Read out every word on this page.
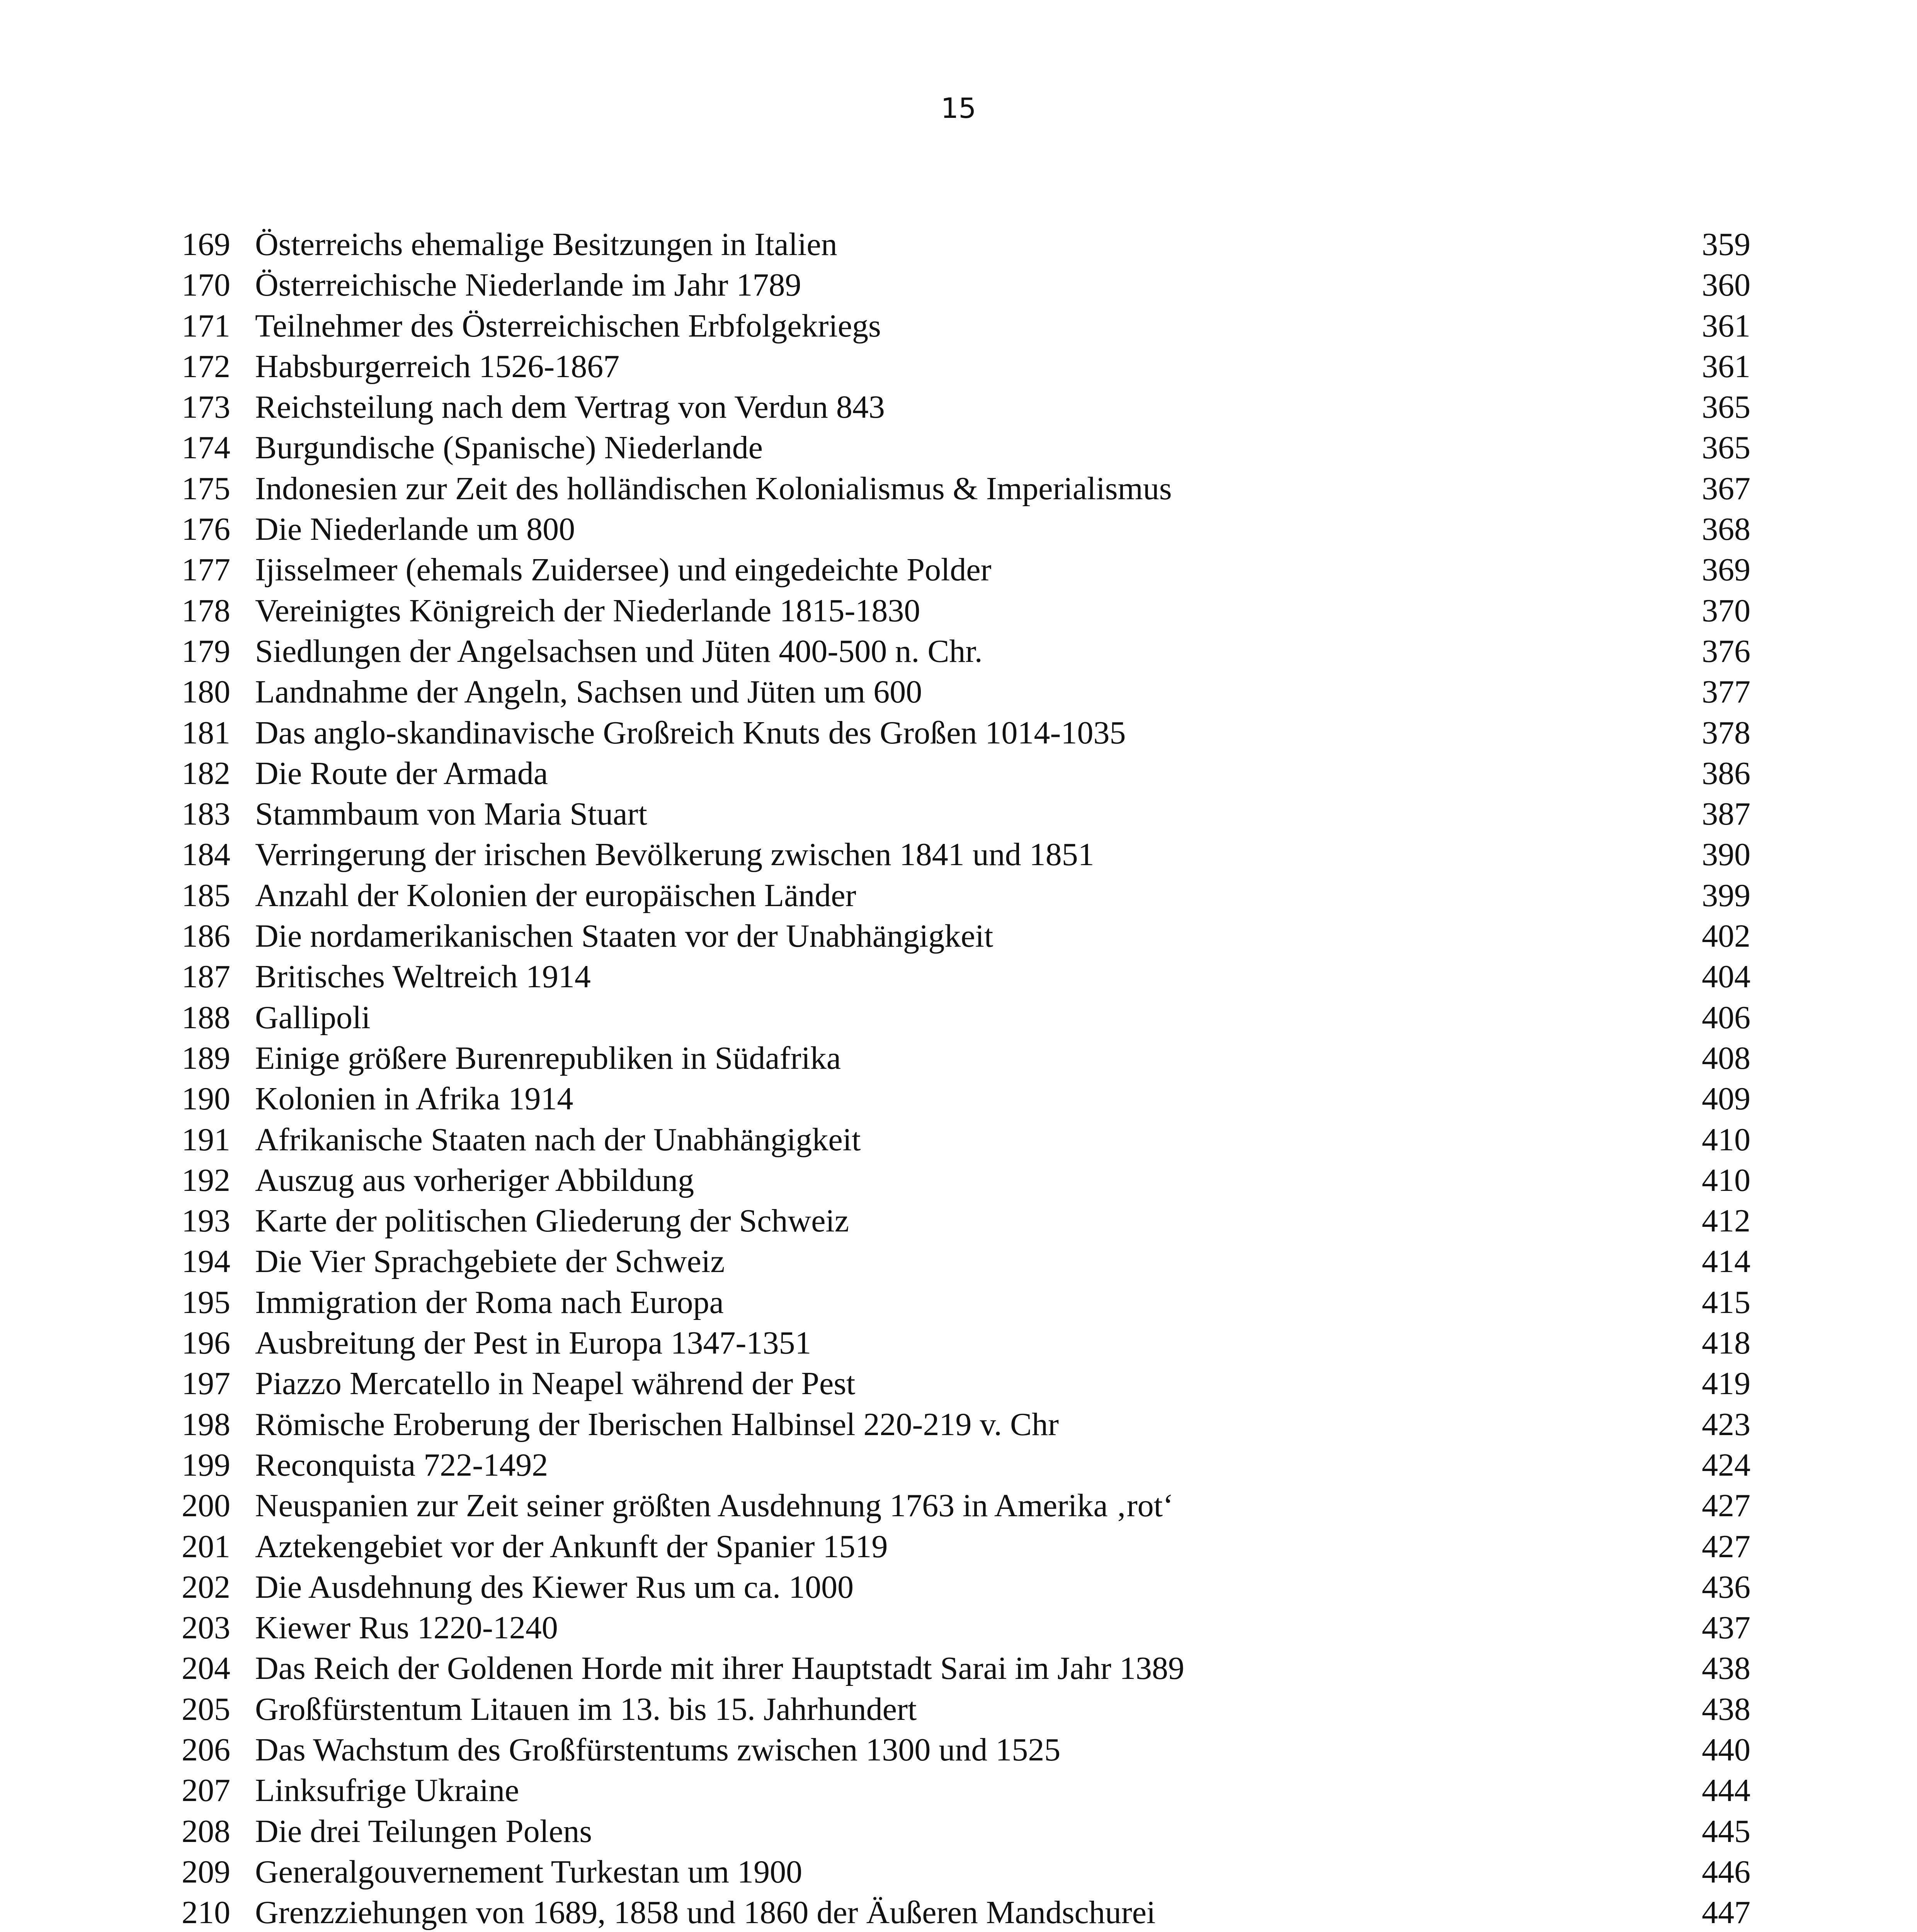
15
169 Österreichs ehemalige Besitzungen in Italien	359
170 Österreichische Niederlande im Jahr 1789	360
171 Teilnehmer des Österreichischen Erbfolgekriegs	361
172 Habsburgerreich 1526-1867	361
173 Reichsteilung nach dem Vertrag von Verdun 843	365
174 Burgundische (Spanische) Niederlande	365
175 Indonesien zur Zeit des holländischen Kolonialismus & Imperialismus	367
176 Die Niederlande um 800	368
177 Ijisselmeer (ehemals Zuidersee) und eingedeichte Polder	369
178 Vereinigtes Königreich der Niederlande 1815-1830	370
179 Siedlungen der Angelsachsen und Jüten 400-500 n. Chr.	376
180 Landnahme der Angeln, Sachsen und Jüten um 600	377
181 Das anglo-skandinavische Großreich Knuts des Großen 1014-1035	378
182 Die Route der Armada	386
183 Stammbaum von Maria Stuart	387
184 Verringerung der irischen Bevölkerung zwischen 1841 und 1851	390
185 Anzahl der Kolonien der europäischen Länder	399
186 Die nordamerikanischen Staaten vor der Unabhängigkeit	402
187 Britisches Weltreich 1914	404
188 Gallipoli	406
189 Einige größere Burenrepubliken in Südafrika	408
190 Kolonien in Afrika 1914	409
191 Afrikanische Staaten nach der Unabhängigkeit	410
192 Auszug aus vorheriger Abbildung	410
193 Karte der politischen Gliederung der Schweiz	412
194 Die Vier Sprachgebiete der Schweiz	414
195 Immigration der Roma nach Europa	415
196 Ausbreitung der Pest in Europa 1347-1351	418
197 Piazzo Mercatello in Neapel während der Pest	419
198 Römische Eroberung der Iberischen Halbinsel 220-219 v. Chr	423
199 Reconquista 722-1492	424
200 Neuspanien zur Zeit seiner größten Ausdehnung 1763 in Amerika ‚rot‘	427
201 Aztekengebiet vor der Ankunft der Spanier 1519	427
202 Die Ausdehnung des Kiewer Rus um ca. 1000	436
203 Kiewer Rus 1220-1240	437
204 Das Reich der Goldenen Horde mit ihrer Hauptstadt Sarai im Jahr 1389	438
205 Großfürstentum Litauen im 13. bis 15. Jahrhundert	438
206 Das Wachstum des Großfürstentums zwischen 1300 und 1525	440
207 Linksufrige Ukraine	444
208 Die drei Teilungen Polens	445
209 Generalgouvernement Turkestan um 1900	446
210 Grenzziehungen von 1689, 1858 und 1860 der Äußeren Mandschurei	447
